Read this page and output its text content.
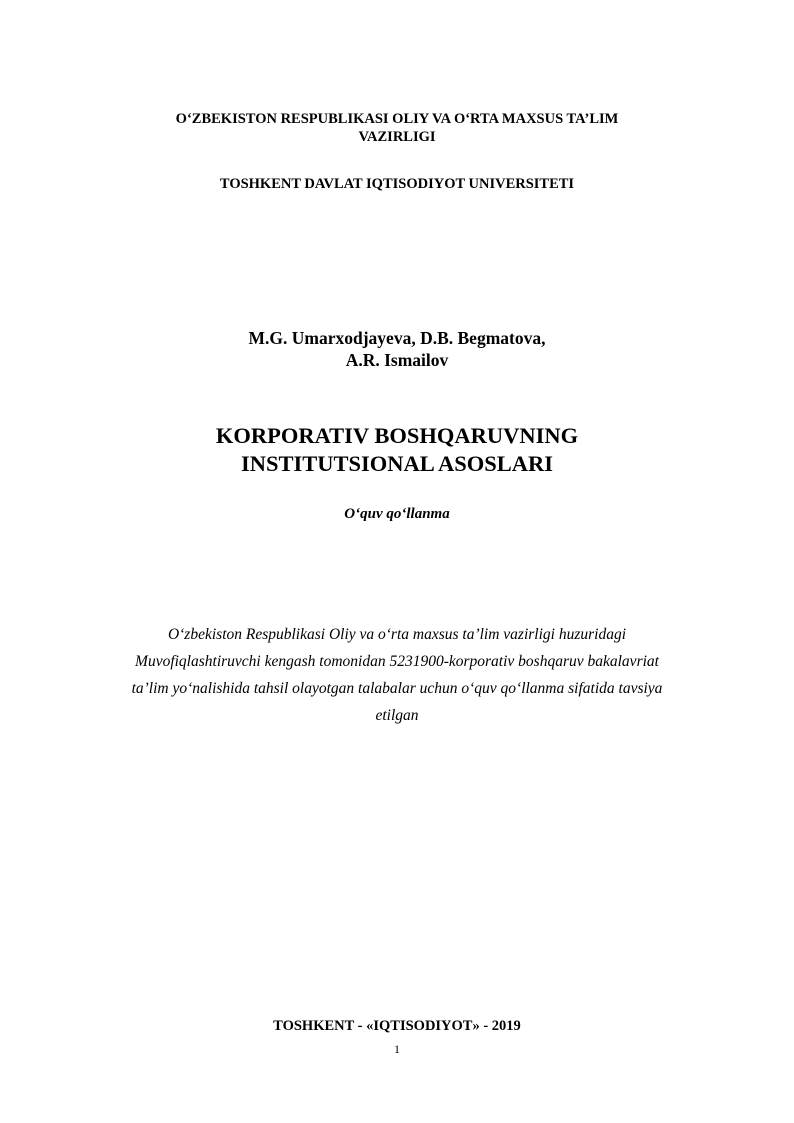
O‘ZBEKISTON RESPUBLIKASI OLIY VA O‘RTA MAXSUS TA’LIM
VAZIRLIGI
TOSHKENT DAVLAT IQTISODIYOT UNIVERSITETI
M.G. Umarxodjayeva, D.B. Begmatova,
A.R. Ismailov
KORPORATIV BOSHQARUVNING
INSTITUTSIONAL ASOSLARI
O‘quv qo‘llanma
O‘zbekiston Respublikasi Oliy va o‘rta maxsus ta’lim vazirligi huzuridagi
Muvofiqlashtiruvchi kengash tomonidan 5231900-korporativ boshqaruv bakalavriat
ta’lim yo‘nalishida tahsil olayotgan talabalar uchun o‘quv qo‘llanma sifatida tavsiya
etilgan
TOSHKENT - «IQTISODIYOT» - 2019
1
